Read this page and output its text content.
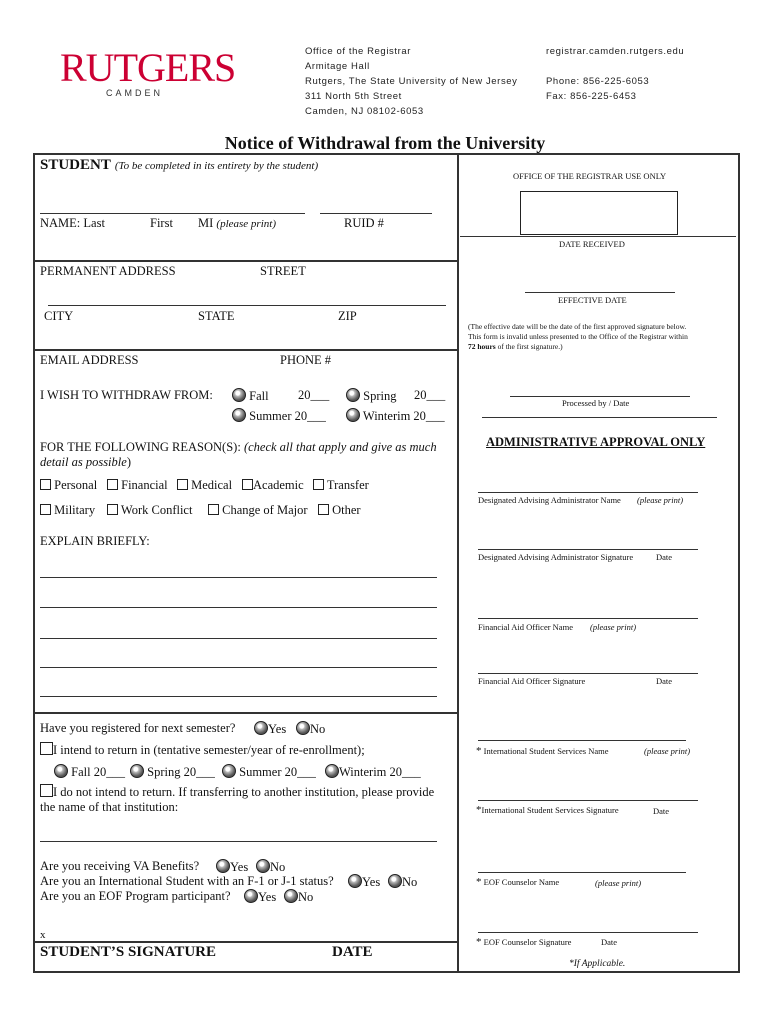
RUTGERS
CAMDEN
Office of the Registrar
Armitage Hall
Rutgers, The State University of New Jersey
311 North 5th Street
Camden, NJ 08102-6053
registrar.camden.rutgers.edu
Phone: 856-225-6053
Fax: 856-225-6453
Notice of Withdrawal from the University
STUDENT (To be completed in its entirety by the student)
NAME: Last	First MI (please print)	RUID #
PERMANENT ADDRESS	STREET
CITY	STATE	ZIP
EMAIL ADDRESS	PHONE #
I WISH TO WITHDRAW FROM:	Fall 20___	Spring 20___
Summer 20___	Winterim 20___
FOR THE FOLLOWING REASON(S): (check all that apply and give as much
detail as possible)
Personal	Financial	Medical	Academic	Transfer
Military	Work Conflict	Change of Major	Other
EXPLAIN BRIEFLY:
Have you registered for next semester?	Yes	No
I intend to return in (tentative semester/year of re-enrollment);
Fall 20___	Spring 20___	Summer 20___	Winterim 20___
I do not intend to return. If transferring to another institution, please provide
the name of that institution:
Are you receiving VA Benefits?	Yes	No
Are you an International Student with an F-1 or J-1 status?	Yes	No
Are you an EOF Program participant?	Yes	No
x
STUDENT’S SIGNATURE	DATE
OFFICE OF THE REGISTRAR USE ONLY
DATE RECEIVED
EFFECTIVE DATE
(The effective date will be the date of the first approved signature below.
This form is invalid unless presented to the Office of the Registrar within
72 hours of the first signature.)
Processed by / Date
ADMINISTRATIVE APPROVAL ONLY
Designated Advising Administrator Name (please print)
Designated Advising Administrator Signature	Date
Financial Aid Officer Name (please print)
Financial Aid Officer Signature	Date
* International Student Services Name	(please print)
*International Student Services Signature	Date
* EOF Counselor Name	(please print)
* EOF Counselor Signature	Date
*If Applicable.
